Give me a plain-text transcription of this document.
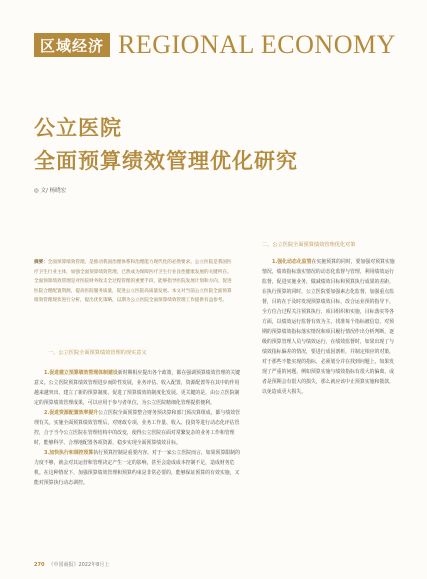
区域经济 REGIONAL ECONOMY
公立医院
全面预算绩效管理优化研究
◎ 文/ 杨晓宏
摘要：全面预算绩效管理，是推动我国治理体系和治理能力现代化的必然要求。公立医院是我国医疗卫生行业主体，加强全面预算绩效管理，已然成为保障医疗卫生行业良性健康发展的关键所在。全面预算绩效管理是对医院财务收支全过程管理的重要手段，能够指导医院发展计划和方向，促进医院合理配置资源，提高医院服务质量，促进公立医院高质量发展。本文对当前公立医院全面预算绩效管理现状进行分析，提出优化策略，以期为公立医院全面预算绩效管理工作提供有益参考。
二、公立医院全面预算绩效管理优化对策

1.强化动态化监管在实施预算的同时，要加强对预算实施情况，绩效指标落实情况的动态化监督与管理，利用绩效运行监督，促进实施业务，做减绩效目标和预算执行成果的差距，在执行预算的同时，公立医院要加强素志化监督，加强重点监督，目的在于及时发现预算绩效目标，改合运业预的指导下，全方位合过程关注预算执行，项目组织和实施，目标落实等各方面，以绩效运行监督有效为主，找准每个指标被信息，对预期的预算绩效指标落实情况和项目履行情况作出分析判断，逐级的预算管理人员与绩效运行，在绩效监督时，如果出现了与绩效指标偏差的情况，要进行成因剖析，并制定相应的对策，对于那些不能实现的指标，必须划分并在找到问题上，如果发现了严重的问题，例如预算实施与绩效指标有很大的偏离，或者是预期会有很大的损失，那么就应该中止预算实施和拨款，以免造成更大损失。

一、公立医院全面预算绩效管理的现实意义

1.促进建立预算绩效管理体制建设新时期相应提出各个政策，都在强调预算绩效管理的关键意义。公立医院预算绩效管理进步而阶性发展，业务评估、收入配置，资源配置等在其中的作用越来越突出，建立了新的预算制度，促进了预算绩效的制度化发展。更关键的是，由公立医院制定的预算绩效管理成果，可以应用于参与者单位，为公立医院精细化管理提供便利。

2.促进资源配置效率提升公立医院全面预算整合财务预决算和部门预决算组成，都与绩效管理有关。实施全面预算绩效管理后，对财政专项、业务工作量、收入、投资等进行动态化评估管控，合于当今公立医院在管理结构中的改变，使得公立医院在面对常繁复杂的业务工作和管理时，能够科学、合理地配置各项资源，稳步实现全面预算绩效目标。

3.加快执行和调控预算执行预算控制是重要内容。对于一家公立医院而言，如果预算限制的力度不够，就会对其运营和管理决定产生一定的影响，甚至会造成成本控制不足，造成财务危机。在这种情况下，加强预算绩效管理和预算约束是非常必要的，能够保证预算的有效实施，又能对预算执行动态调控。

270 《中国商报》2022年8月上
